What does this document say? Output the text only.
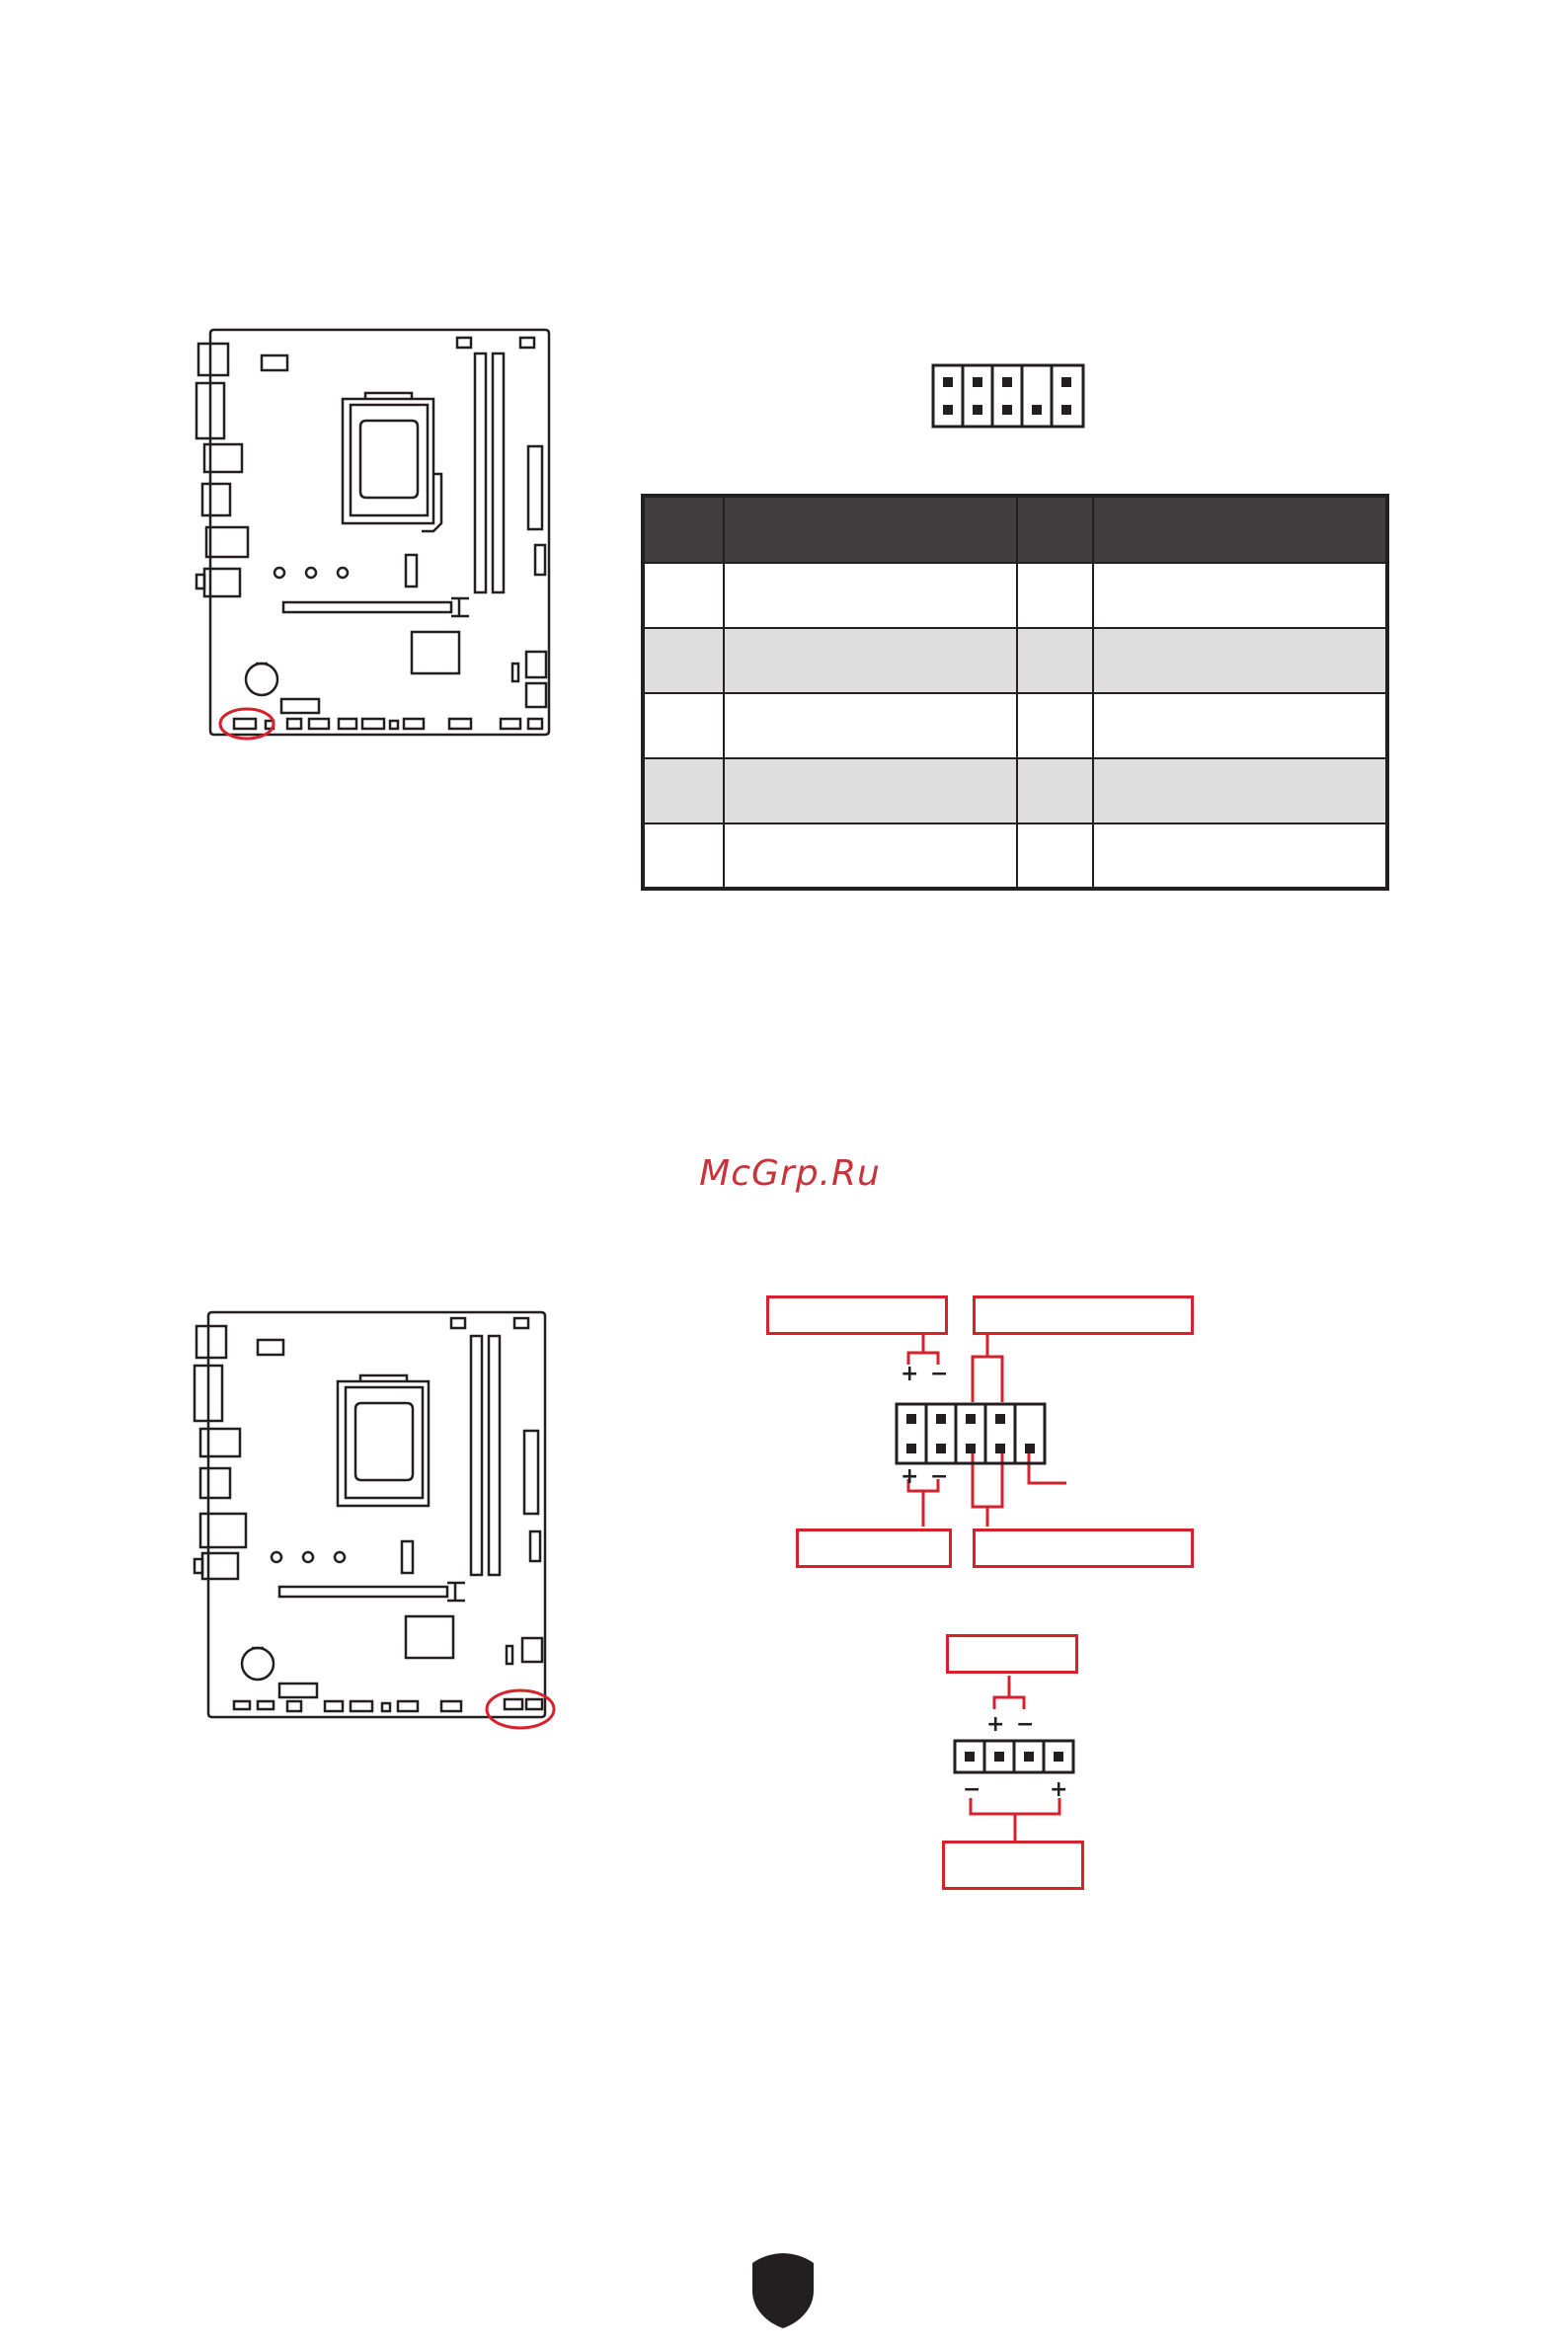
McGrp.Ru
+ −
+ −
+ −
−	+
